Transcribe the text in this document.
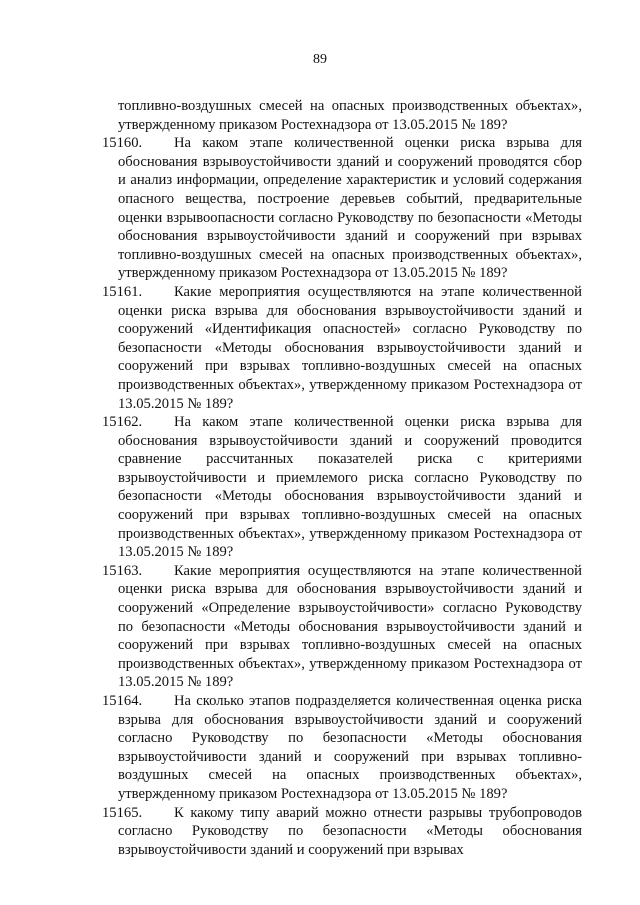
89

топливно-воздушных смесей на опасных производственных объектах», утвержденному приказом Ростехнадзора от 13.05.2015 № 189?

15160.	На каком этапе количественной оценки риска взрыва для обоснования взрывоустойчивости зданий и сооружений проводятся сбор и анализ информации, определение характеристик и условий содержания опасного вещества, построение деревьев событий, предварительные оценки взрывоопасности согласно Руководству по безопасности «Методы обоснования взрывоустойчивости зданий и сооружений при взрывах топливно-воздушных смесей на опасных производственных объектах», утвержденному приказом Ростехнадзора от 13.05.2015 № 189?
15161.	Какие мероприятия осуществляются на этапе количественной оценки риска взрыва для обоснования взрывоустойчивости зданий и сооружений «Идентификация опасностей» согласно Руководству по безопасности «Методы обоснования взрывоустойчивости зданий и сооружений при взрывах топливно-воздушных смесей на опасных производственных объектах», утвержденному приказом Ростехнадзора от 13.05.2015 № 189?
15162.	На каком этапе количественной оценки риска взрыва для обоснования взрывоустойчивости зданий и сооружений проводится сравнение рассчитанных показателей риска с критериями взрывоустойчивости и приемлемого риска согласно Руководству по безопасности «Методы обоснования взрывоустойчивости зданий и сооружений при взрывах топливно-воздушных смесей на опасных производственных объектах», утвержденному приказом Ростехнадзора от 13.05.2015 № 189?
15163.	Какие мероприятия осуществляются на этапе количественной оценки риска взрыва для обоснования взрывоустойчивости зданий и сооружений «Определение взрывоустойчивости» согласно Руководству по безопасности «Методы обоснования взрывоустойчивости зданий и сооружений при взрывах топливно-воздушных смесей на опасных производственных объектах», утвержденному приказом Ростехнадзора от 13.05.2015 № 189?
15164.	На сколько этапов подразделяется количественная оценка риска взрыва для обоснования взрывоустойчивости зданий и сооружений согласно Руководству по безопасности «Методы обоснования взрывоустойчивости зданий и сооружений при взрывах топливно-воздушных смесей на опасных производственных объектах», утвержденному приказом Ростехнадзора от 13.05.2015 № 189?
15165.	К какому типу аварий можно отнести разрывы трубопроводов согласно Руководству по безопасности «Методы обоснования взрывоустойчивости зданий и сооружений при взрывах
